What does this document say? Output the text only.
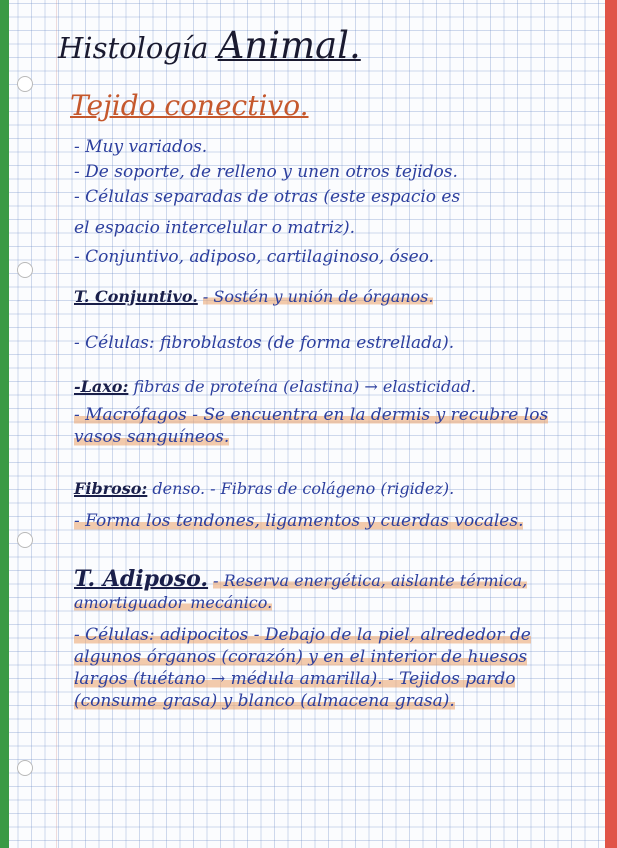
Histología Animal.

Tejido conectivo.

- Muy variados.

- De soporte, de relleno y unen otros tejidos.

- Células separadas de otras (este espacio es

el espacio intercelular o matriz).

- Conjuntivo, adiposo, cartilaginoso, óseo.

T. Conjuntivo. - Sostén y unión de órganos.

- Células: fibroblastos (de forma estrellada).

-Laxo: fibras de proteína (elastina) → elasticidad.

- Macrófagos - Se encuentra en la dermis y recubre los vasos sanguíneos.

Fibroso: denso. - Fibras de colágeno (rigidez).

- Forma los tendones, ligamentos y cuerdas vocales.

T. Adiposo. - Reserva energética, aislante térmica, amortiguador mecánico.

- Células: adipocitos - Debajo de la piel, alrededor de algunos órganos (corazón) y en el interior de huesos largos (tuétano → médula amarilla). - Tejidos pardo (consume grasa) y blanco (almacena grasa).
